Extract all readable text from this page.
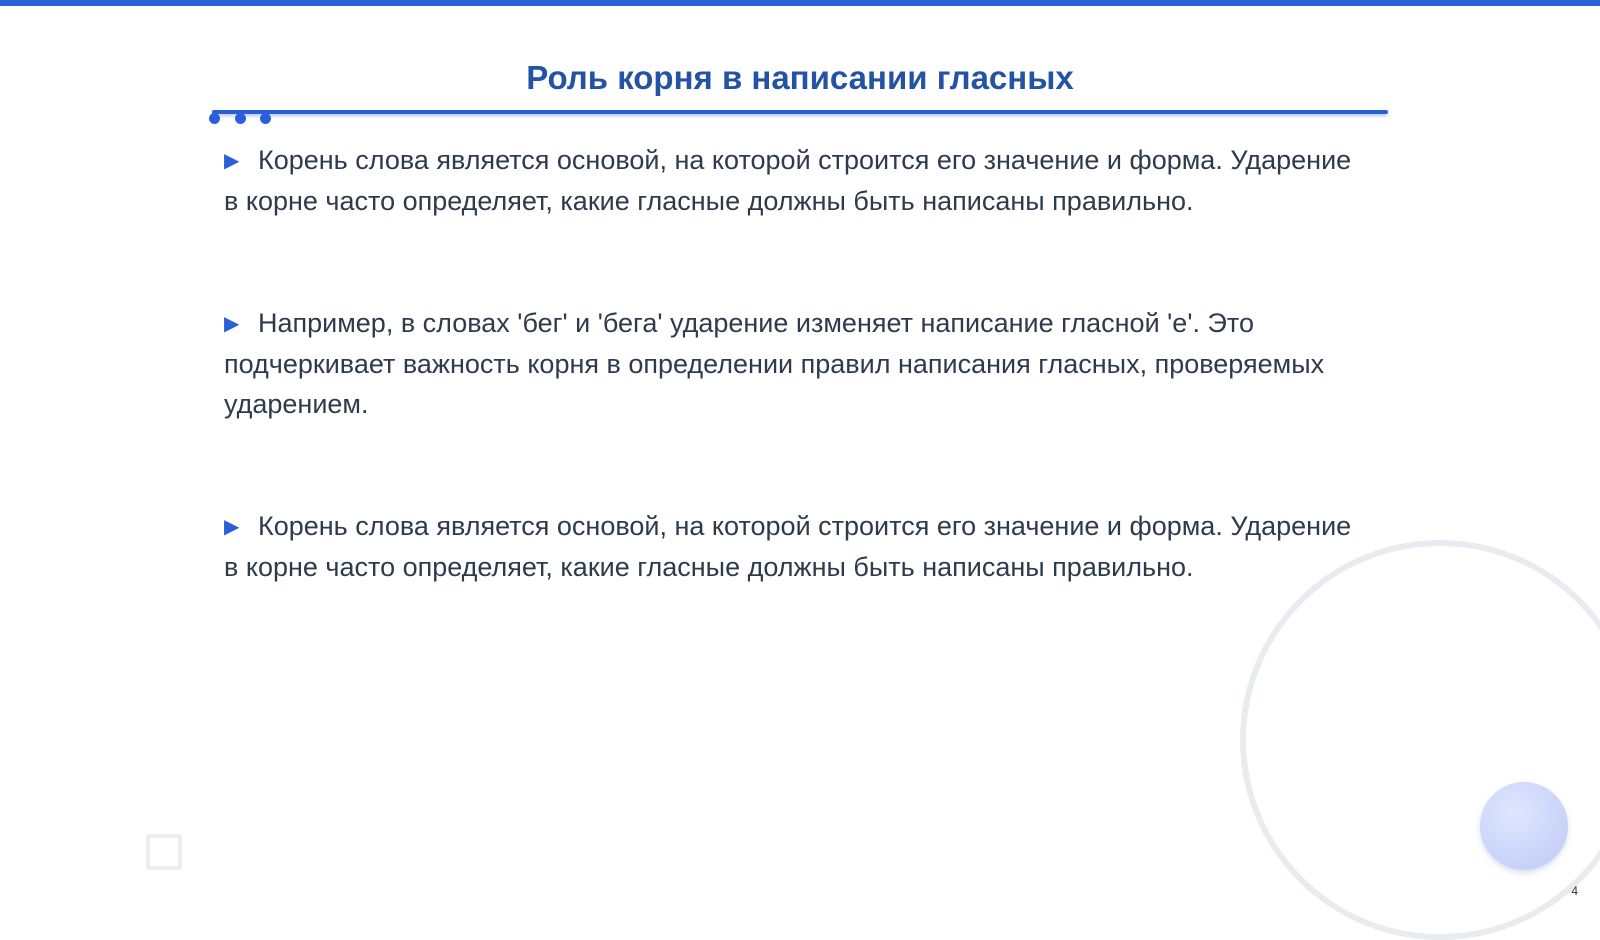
Роль корня в написании гласных

▶ Корень слова является основой, на которой строится его значение и форма. Ударение в корне часто определяет, какие гласные должны быть написаны правильно.

▶ Например, в словах 'бег' и 'бега' ударение изменяет написание гласной 'е'. Это подчеркивает важность корня в определении правил написания гласных, проверяемых ударением.

▶ Корень слова является основой, на которой строится его значение и форма. Ударение в корне часто определяет, какие гласные должны быть написаны правильно.

4
